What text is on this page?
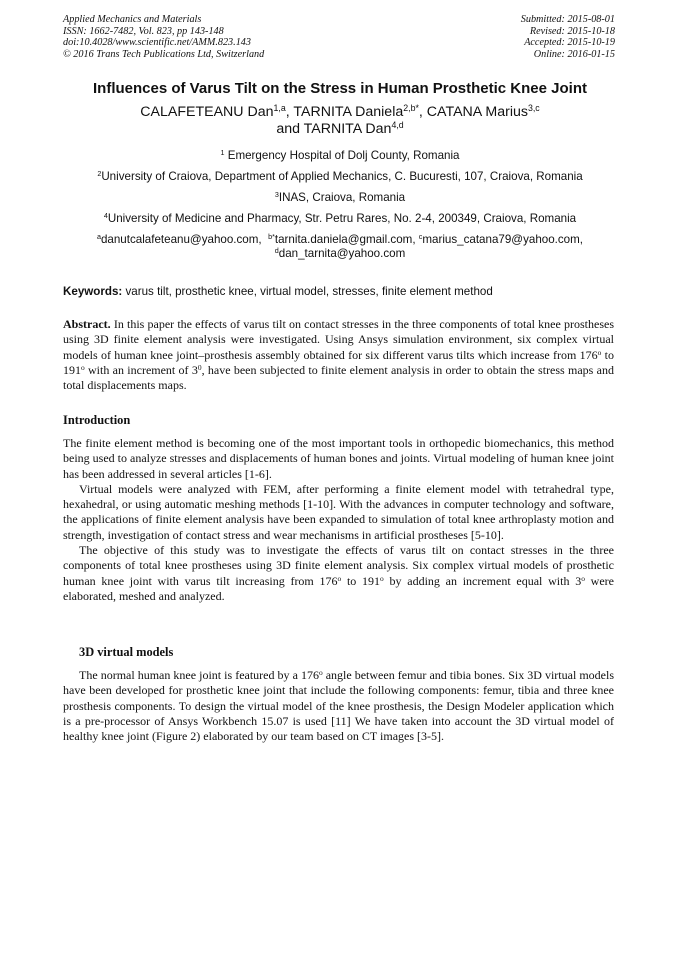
Applied Mechanics and Materials
ISSN: 1662-7482, Vol. 823, pp 143-148
doi:10.4028/www.scientific.net/AMM.823.143
© 2016 Trans Tech Publications Ltd, Switzerland
Submitted: 2015-08-01
Revised: 2015-10-18
Accepted: 2015-10-19
Online: 2016-01-15
Influences of Varus Tilt on the Stress in Human Prosthetic Knee Joint
CALAFETEANU Dan$^{1,a}$, TARNITA Daniela$^{2,b*}$, CATANA Marius$^{3,c}$
and TARNITA Dan$^{4,d}$
$^1$ Emergency Hospital of Dolj County, Romania
$^2$University of Craiova, Department of Applied Mechanics, C. Bucuresti, 107, Craiova, Romania
$^3$INAS, Craiova, Romania
$^4$University of Medicine and Pharmacy, Str. Petru Rares, No. 2-4, 200349, Craiova, Romania
$^a$danutcalafeteanu@yahoo.com, $^{b*}$tarnita.daniela@gmail.com, $^c$marius_catana79@yahoo.com,
$^d$dan_tarnita@yahoo.com
Keywords: varus tilt, prosthetic knee, virtual model, stresses, finite element method

Abstract. In this paper the effects of varus tilt on contact stresses in the three components of total knee prostheses using 3D finite element analysis were investigated. Using Ansys simulation environment, six complex virtual models of human knee joint–prosthesis assembly obtained for six different varus tilts which increase from 176$^o$ to 191$^o$ with an increment of $3^0$, have been subjected to finite element analysis in order to obtain the stress maps and total displacements maps.

Introduction

The finite element method is becoming one of the most important tools in orthopedic biomechanics, this method being used to analyze stresses and displacements of human bones and joints. Virtual modeling of human knee joint has been addressed in several articles [1-6].

Virtual models were analyzed with FEM, after performing a finite element model with tetrahedral type, hexahedral, or using automatic meshing methods [1-10]. With the advances in computer technology and software, the applications of finite element analysis have been expanded to simulation of total knee arthroplasty motion and strength, investigation of contact stress and wear mechanisms in artificial prostheses [5-10].

The objective of this study was to investigate the effects of varus tilt on contact stresses in the three components of total knee prostheses using 3D finite element analysis. Six complex virtual models of prosthetic human knee joint with varus tilt increasing from 176$^o$ to 191$^o$ by adding an increment equal with 3$^o$ were elaborated, meshed and analyzed.

3D virtual models

The normal human knee joint is featured by a 176$^o$ angle between femur and tibia bones. Six 3D virtual models have been developed for prosthetic knee joint that include the following components: femur, tibia and three knee prosthesis components. To design the virtual model of the knee prosthesis, the Design Modeler application which is a pre-processor of Ansys Workbench 15.07 is used [11] We have taken into account the 3D virtual model of healthy knee joint (Figure 2) elaborated by our team based on CT images [3-5].
